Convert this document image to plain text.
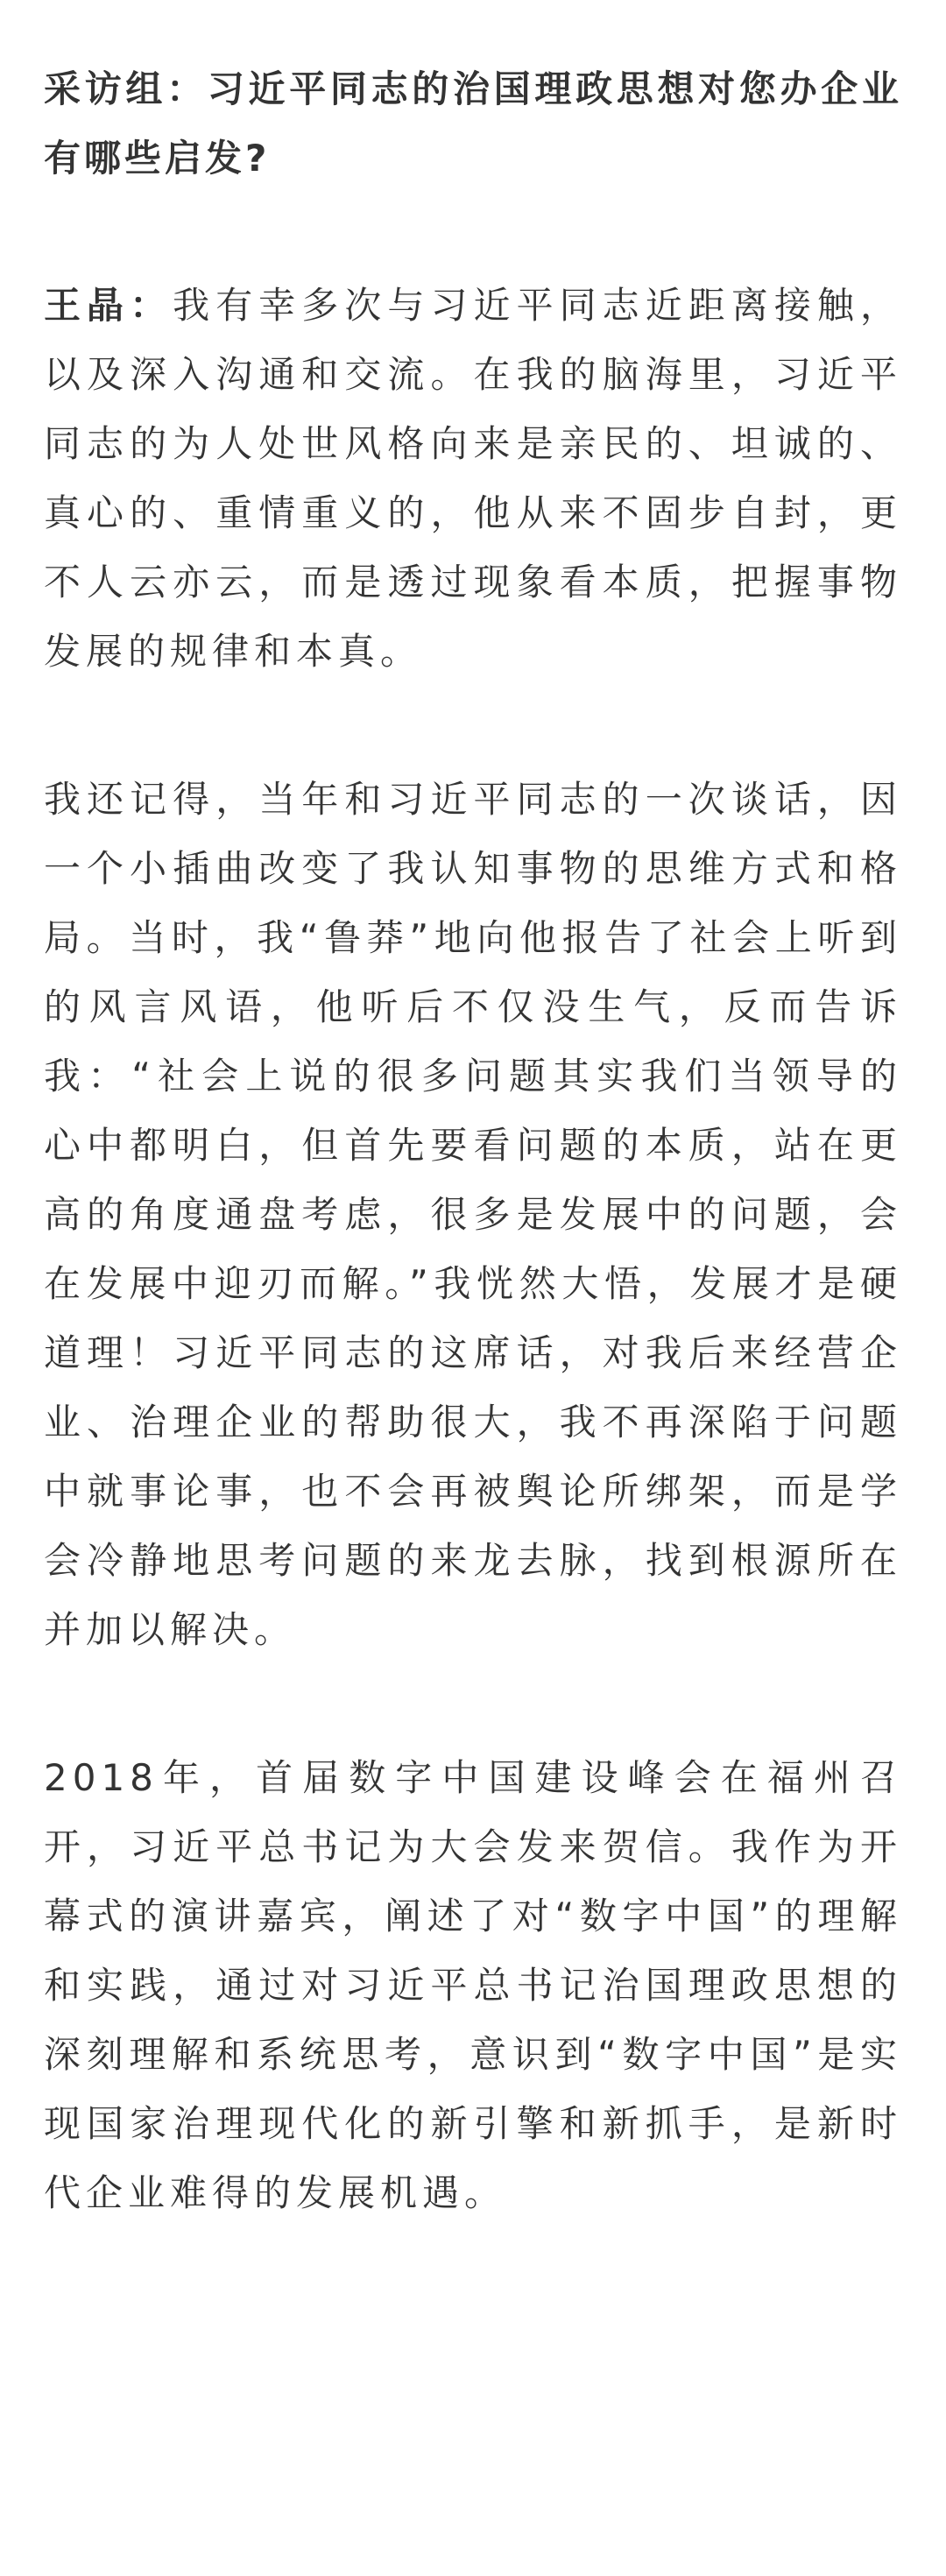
采访组：习近平同志的治国理政思想对您办企业有哪些启发?

王晶：我有幸多次与习近平同志近距离接触，以及深入沟通和交流。在我的脑海里，习近平同志的为人处世风格向来是亲民的、坦诚的、真心的、重情重义的，他从来不固步自封，更不人云亦云，而是透过现象看本质，把握事物发展的规律和本真。

我还记得，当年和习近平同志的一次谈话，因一个小插曲改变了我认知事物的思维方式和格局。当时，我“鲁莽”地向他报告了社会上听到的风言风语，他听后不仅没生气，反而告诉我：“社会上说的很多问题其实我们当领导的心中都明白，但首先要看问题的本质，站在更高的角度通盘考虑，很多是发展中的问题，会在发展中迎刃而解。”我恍然大悟，发展才是硬道理！习近平同志的这席话，对我后来经营企业、治理企业的帮助很大，我不再深陷于问题中就事论事，也不会再被舆论所绑架，而是学会冷静地思考问题的来龙去脉，找到根源所在并加以解决。

2018年，首届数字中国建设峰会在福州召开，习近平总书记为大会发来贺信。我作为开幕式的演讲嘉宾，阐述了对“数字中国”的理解和实践，通过对习近平总书记治国理政思想的深刻理解和系统思考，意识到“数字中国”是实现国家治理现代化的新引擎和新抓手，是新时代企业难得的发展机遇。
